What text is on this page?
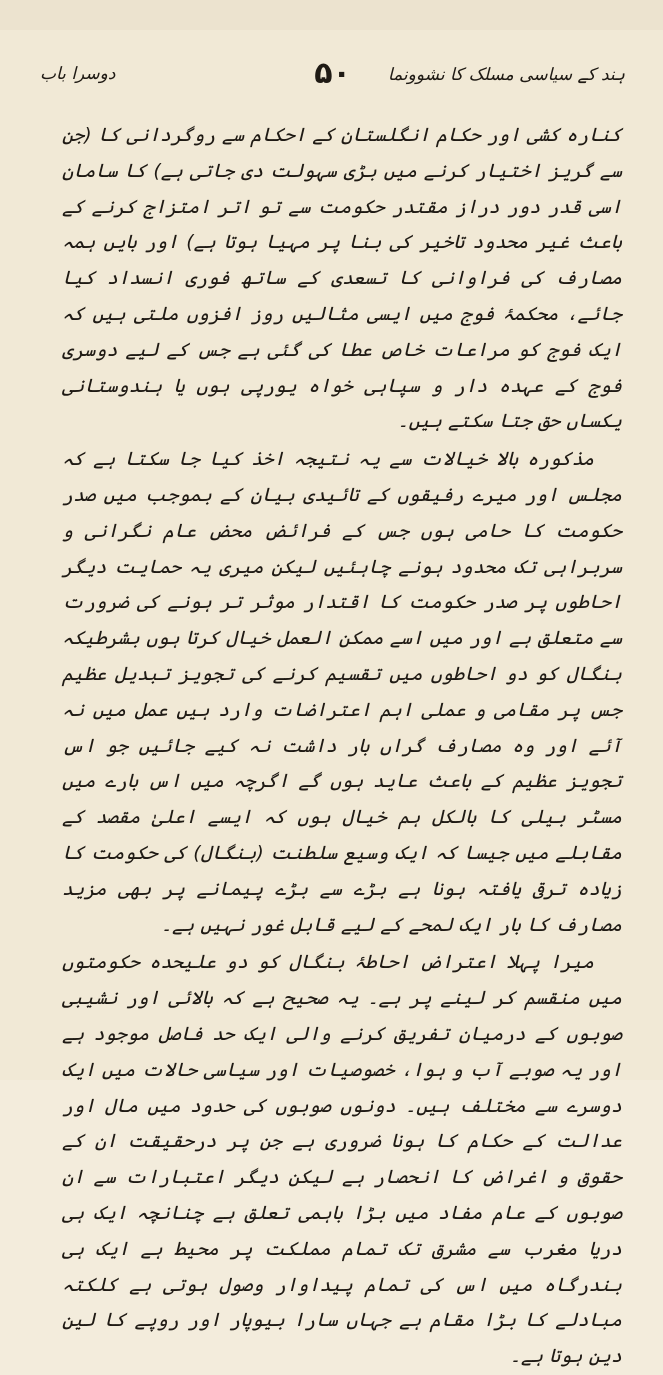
ہند کے سیاسی مسلک کا نشوونما
۵۰
دوسرا باب

کنارہ کشی اور حکام انگلستان کے احکام سے روگردانی کا (جن سے گریز اختیار کرنے میں بڑی سہولت دی جاتی ہے) کا سامان اسی قدر دور دراز مقتدر حکومت سے تو اتر امتزاج کرنے کے باعث غیر محدود تاخیر کی بنا پر مہیا ہوتا ہے) اور بایں ہمہ مصارف کی فراوانی کا تسعدی کے ساتھ فوری انسداد کیا جائے، محکمۂ فوج میں ایسی مثالیں روز افزوں ملتی ہیں کہ ایک فوج کو مراعات خاص عطا کی گئی ہے جس کے لیے دوسری فوج کے عہدہ دار و سپاہی خواہ یورپی ہوں یا ہندوستانی یکساں حق جتا سکتے ہیں۔

مذکورہ بالا خیالات سے یہ نتیجہ اخذ کیا جا سکتا ہے کہ مجلس اور میرے رفیقوں کے تائیدی بیان کے بموجب میں صدر حکومت کا حامی ہوں جس کے فرائض محض عام نگرانی و سربراہی تک محدود ہونے چاہئیں لیکن میری یہ حمایت دیگر احاطوں پر صدر حکومت کا اقتدار موثر تر ہونے کی ضرورت سے متعلق ہے اور میں اسے ممکن العمل خیال کرتا ہوں بشرطیکہ بنگال کو دو احاطوں میں تقسیم کرنے کی تجویز تبدیل عظیم جس پر مقامی و عملی اہم اعتراضات وارد ہیں عمل میں نہ آئے اور وہ مصارف گراں بار داشت نہ کیے جائیں جو اس تجویز عظیم کے باعث عاید ہوں گے اگرچہ میں اس بارے میں مسٹر بیلی کا بالکل ہم خیال ہوں کہ ایسے اعلیٰ مقصد کے مقابلے میں جیسا کہ ایک وسیع سلطنت (بنگال) کی حکومت کا زیادہ ترقی یافتہ ہونا ہے بڑے سے بڑے پیمانے پر بھی مزید مصارف کا بار ایک لمحے کے لیے قابل غور نہیں ہے۔

میرا پہلا اعتراض احاطۂ بنگال کو دو علیحدہ حکومتوں میں منقسم کر لینے پر ہے۔ یہ صحیح ہے کہ بالائی اور نشیبی صوبوں کے درمیان تفریق کرنے والی ایک حد فاصل موجود ہے اور یہ صوبے آب و ہوا، خصوصیات اور سیاسی حالات میں ایک دوسرے سے مختلف ہیں۔ دونوں صوبوں کی حدود میں مال اور عدالت کے حکام کا ہونا ضروری ہے جن پر درحقیقت ان کے حقوق و اغراض کا انحصار ہے لیکن دیگر اعتبارات سے ان صوبوں کے عام مفاد میں بڑا باہمی تعلق ہے چنانچہ ایک ہی دریا مغرب سے مشرق تک تمام مملکت پر محیط ہے ایک ہی بندرگاہ میں اس کی تمام پیداوار وصول ہوتی ہے کلکتہ مبادلے کا بڑا مقام ہے جہاں سارا بیوپار اور روپے کا لین دین ہوتا ہے۔
